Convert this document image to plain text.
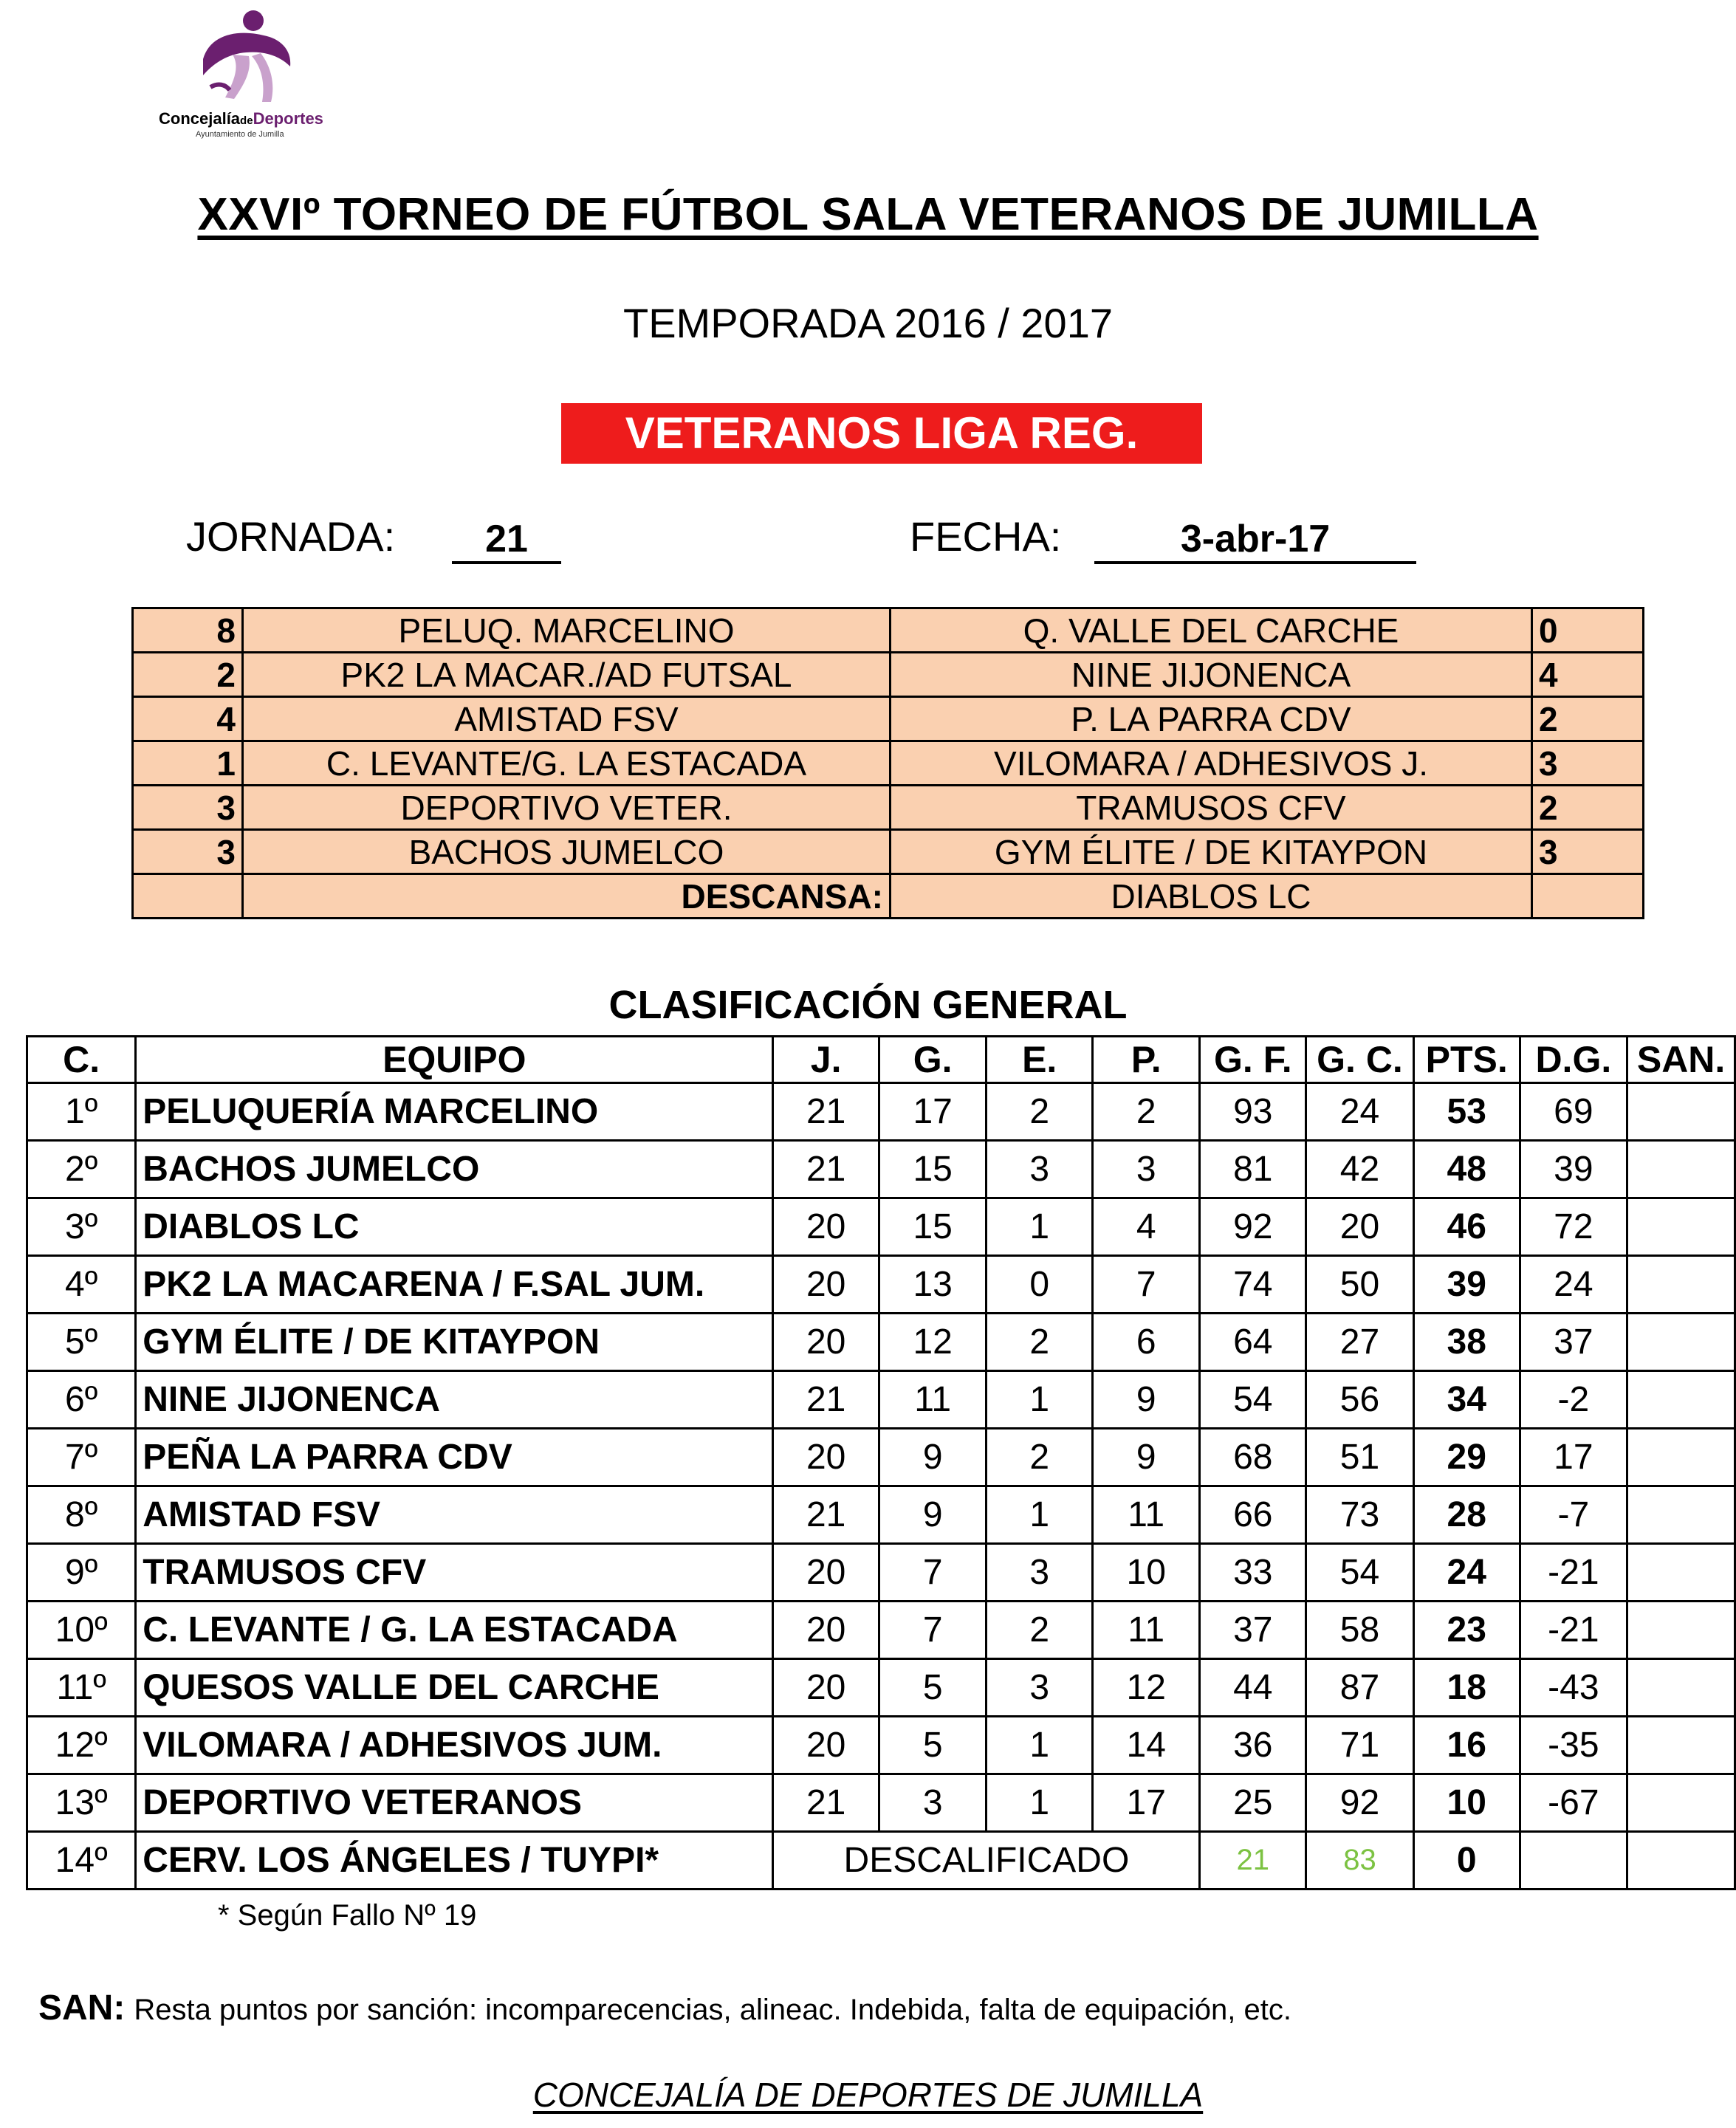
ConcejalíadeDeportes
Ayuntamiento de Jumilla
XXVIº TORNEO DE FÚTBOL SALA VETERANOS DE JUMILLA
TEMPORADA 2016 / 2017
VETERANOS LIGA REG.
JORNADA:	21	FECHA:	3-abr-17
8	PELUQ. MARCELINO	Q. VALLE DEL CARCHE	0
2	PK2 LA MACAR./AD FUTSAL	NINE JIJONENCA	4
4	AMISTAD FSV	P. LA PARRA CDV	2
1	C. LEVANTE/G. LA ESTACADA	VILOMARA / ADHESIVOS J.	3
3	DEPORTIVO VETER.	TRAMUSOS CFV	2
3	BACHOS JUMELCO	GYM ÉLITE / DE KITAYPON	3
	DESCANSA:	DIABLOS LC	
CLASIFICACIÓN GENERAL
C.	EQUIPO	J.	G.	E.	P.	G. F.	G. C.	PTS.	D.G.	SAN.
1º	PELUQUERÍA MARCELINO	21	17	2	2	93	24	53	69	
2º	BACHOS JUMELCO	21	15	3	3	81	42	48	39	
3º	DIABLOS LC	20	15	1	4	92	20	46	72	
4º	PK2 LA MACARENA / F.SAL JUM.	20	13	0	7	74	50	39	24	
5º	GYM ÉLITE / DE KITAYPON	20	12	2	6	64	27	38	37	
6º	NINE JIJONENCA	21	11	1	9	54	56	34	-2	
7º	PEÑA LA PARRA CDV	20	9	2	9	68	51	29	17	
8º	AMISTAD FSV	21	9	1	11	66	73	28	-7	
9º	TRAMUSOS CFV	20	7	3	10	33	54	24	-21	
10º	C. LEVANTE / G. LA ESTACADA	20	7	2	11	37	58	23	-21	
11º	QUESOS VALLE DEL CARCHE	20	5	3	12	44	87	18	-43	
12º	VILOMARA / ADHESIVOS JUM.	20	5	1	14	36	71	16	-35	
13º	DEPORTIVO VETERANOS	21	3	1	17	25	92	10	-67	
14º	CERV. LOS ÁNGELES / TUYPI*	DESCALIFICADO				21	83	0		
* Según Fallo Nº 19
SAN: Resta puntos por sanción: incomparecencias, alineac. Indebida, falta de equipación, etc.
CONCEJALÍA DE DEPORTES DE JUMILLA
